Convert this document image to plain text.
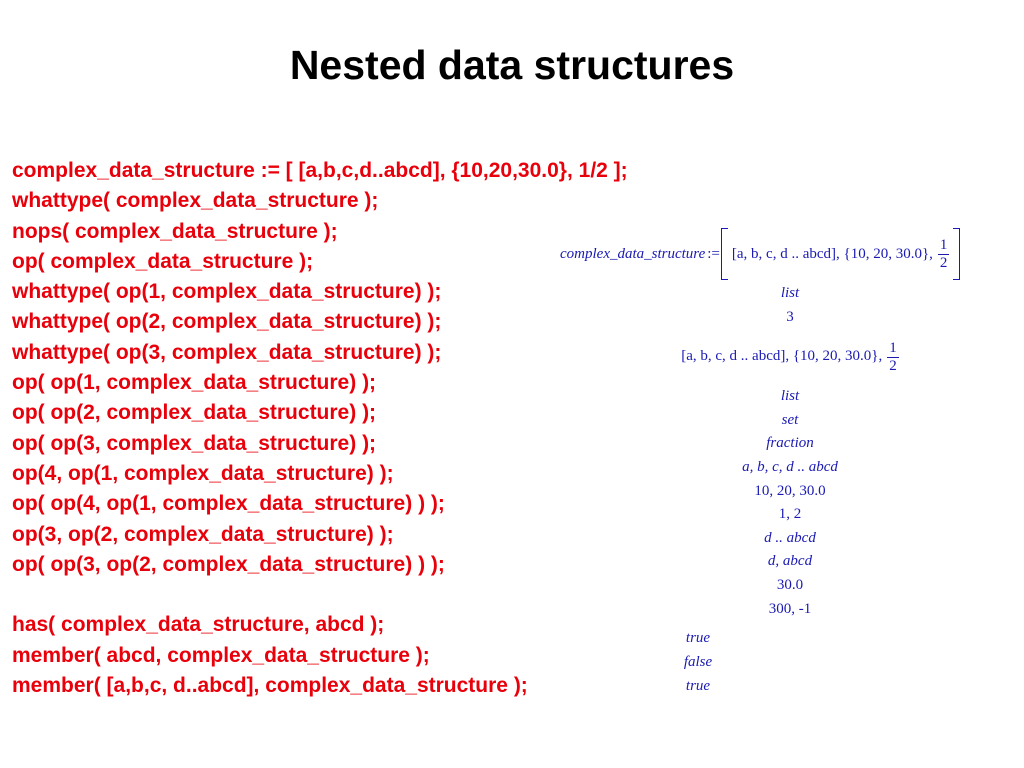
Nested data structures
complex_data_structure := [ [a,b,c,d..abcd], {10,20,30.0}, 1/2 ];
whattype( complex_data_structure );
nops( complex_data_structure );
op( complex_data_structure );
whattype( op(1, complex_data_structure) );
whattype( op(2, complex_data_structure) );
whattype( op(3, complex_data_structure) );
op( op(1, complex_data_structure) );
op( op(2, complex_data_structure) );
op( op(3, complex_data_structure) );
op(4, op(1, complex_data_structure) );
op( op(4, op(1, complex_data_structure) ) );
op(3, op(2, complex_data_structure) );
op( op(3, op(2, complex_data_structure) ) );
has( complex_data_structure, abcd );
member( abcd, complex_data_structure );
member( [a,b,c, d..abcd], complex_data_structure );
complex_data_structure := [a, b, c, d .. abcd], {10, 20, 30.0}, $\frac{1}{2}$
list
3
[a, b, c, d .. abcd], {10, 20, 30.0}, $\frac{1}{2}$
list
set
fraction
a, b, c, d .. abcd
10, 20, 30.0
1, 2
d .. abcd
d, abcd
30.0
300, -1
true
false
true
